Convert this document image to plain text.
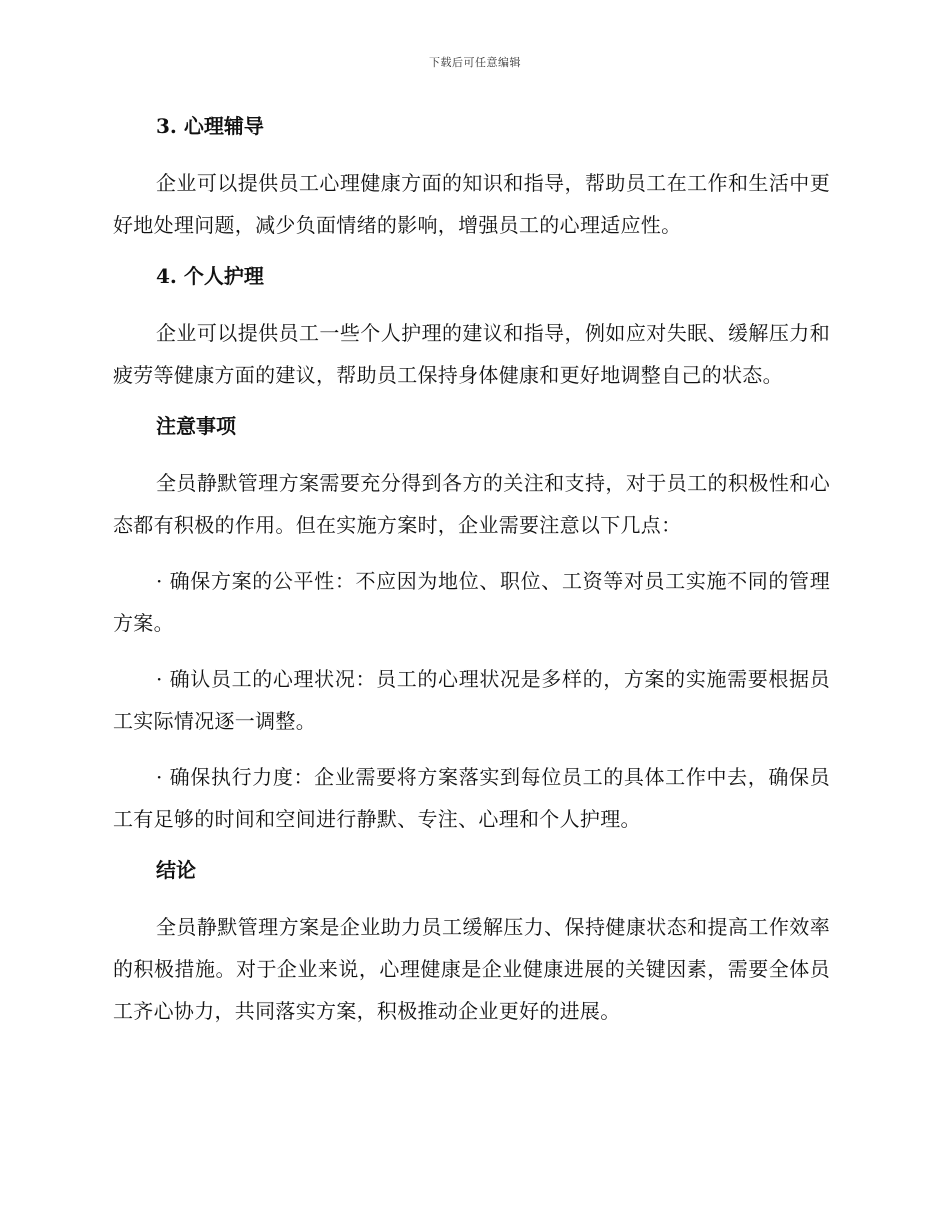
下载后可任意编辑
3. 心理辅导
企业可以提供员工心理健康方面的知识和指导，帮助员工在工作和生活中更好地处理问题，减少负面情绪的影响，增强员工的心理适应性。
4. 个人护理
企业可以提供员工一些个人护理的建议和指导，例如应对失眠、缓解压力和疲劳等健康方面的建议，帮助员工保持身体健康和更好地调整自己的状态。
注意事项
全员静默管理方案需要充分得到各方的关注和支持，对于员工的积极性和心态都有积极的作用。但在实施方案时，企业需要注意以下几点：
· 确保方案的公平性：不应因为地位、职位、工资等对员工实施不同的管理方案。
· 确认员工的心理状况：员工的心理状况是多样的，方案的实施需要根据员工实际情况逐一调整。
· 确保执行力度：企业需要将方案落实到每位员工的具体工作中去，确保员工有足够的时间和空间进行静默、专注、心理和个人护理。
结论
全员静默管理方案是企业助力员工缓解压力、保持健康状态和提高工作效率的积极措施。对于企业来说，心理健康是企业健康进展的关键因素，需要全体员工齐心协力，共同落实方案，积极推动企业更好的进展。
